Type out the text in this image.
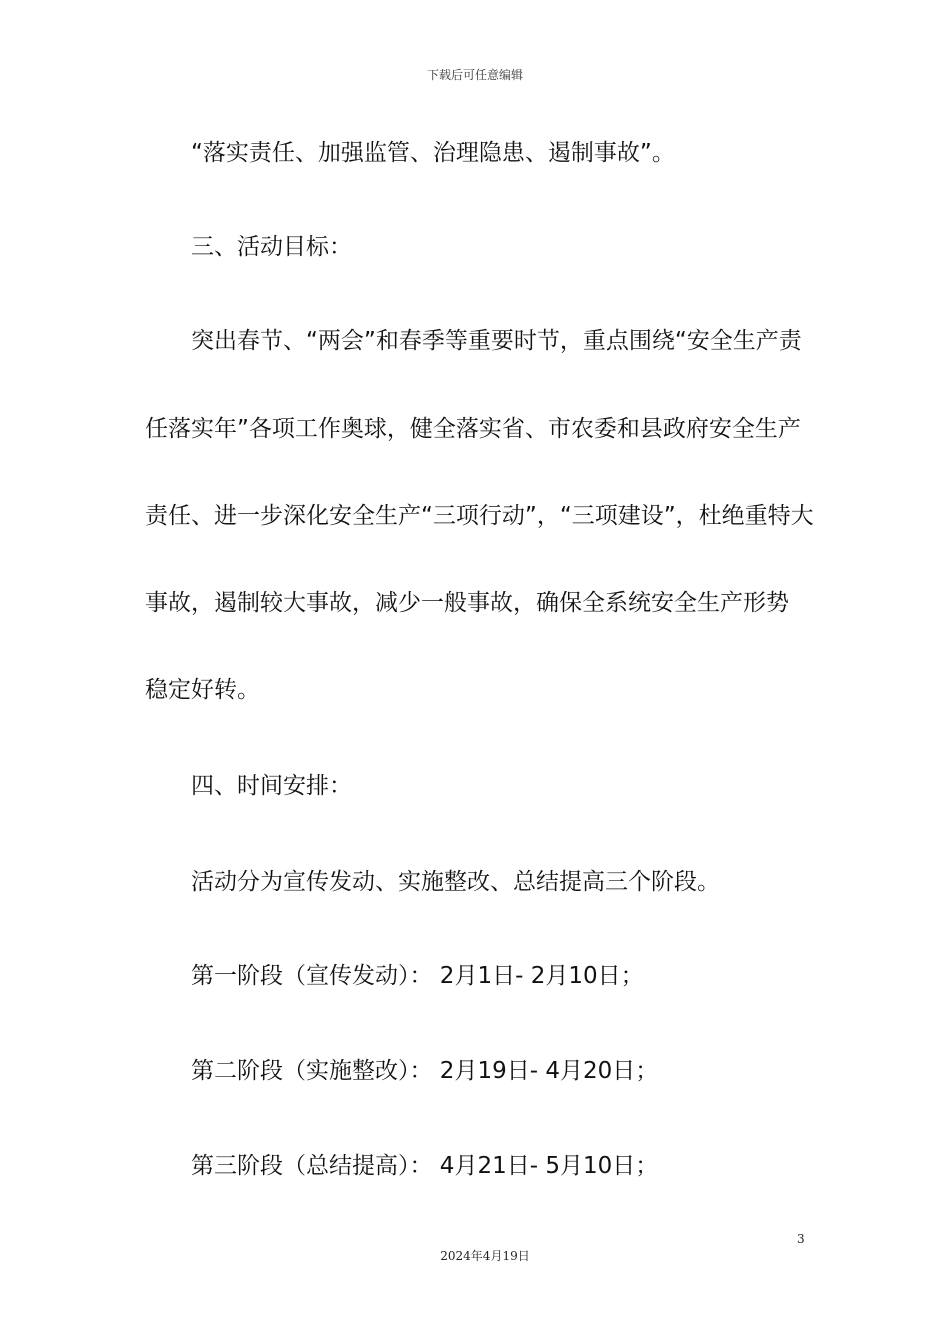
下载后可任意编辑
“落实责任、加强监管、治理隐患、遏制事故”。
三、活动目标：
突出春节、“两会”和春季等重要时节，重点围绕“安全生产责
任落实年”各项工作奥球，健全落实省、市农委和县政府安全生产
责任、进一步深化安全生产“三项行动”，“三项建设”，杜绝重特大
事故，遏制较大事故，减少一般事故，确保全系统安全生产形势
稳定好转。
四、时间安排：
活动分为宣传发动、实施整改、总结提高三个阶段。
第一阶段（宣传发动）： 2月1日- 2月10日；
第二阶段（实施整改）： 2月19日- 4月20日；
第三阶段（总结提高）： 4月21日- 5月10日；
3
2024年4月19日
